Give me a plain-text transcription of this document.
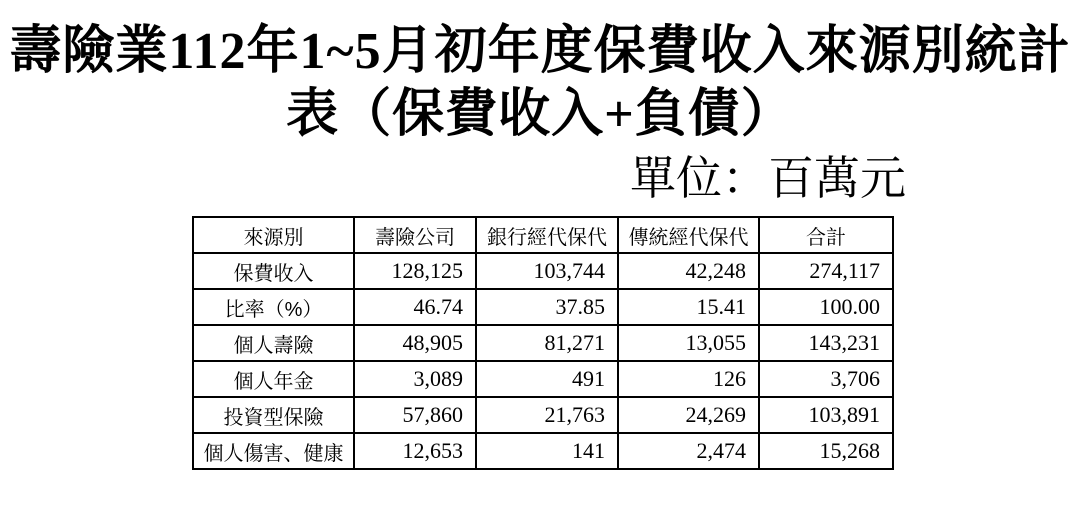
壽險業112年1~5月初年度保費收入來源別統計
表（保費收入+負債）
單位：百萬元
來源別	壽險公司	銀行經代保代	傳統經代保代	合計
保費收入	128,125	103,744	42,248	274,117
比率（%）	46.74	37.85	15.41	100.00
個人壽險	48,905	81,271	13,055	143,231
個人年金	3,089	491	126	3,706
投資型保險	57,860	21,763	24,269	103,891
個人傷害、健康	12,653	141	2,474	15,268
